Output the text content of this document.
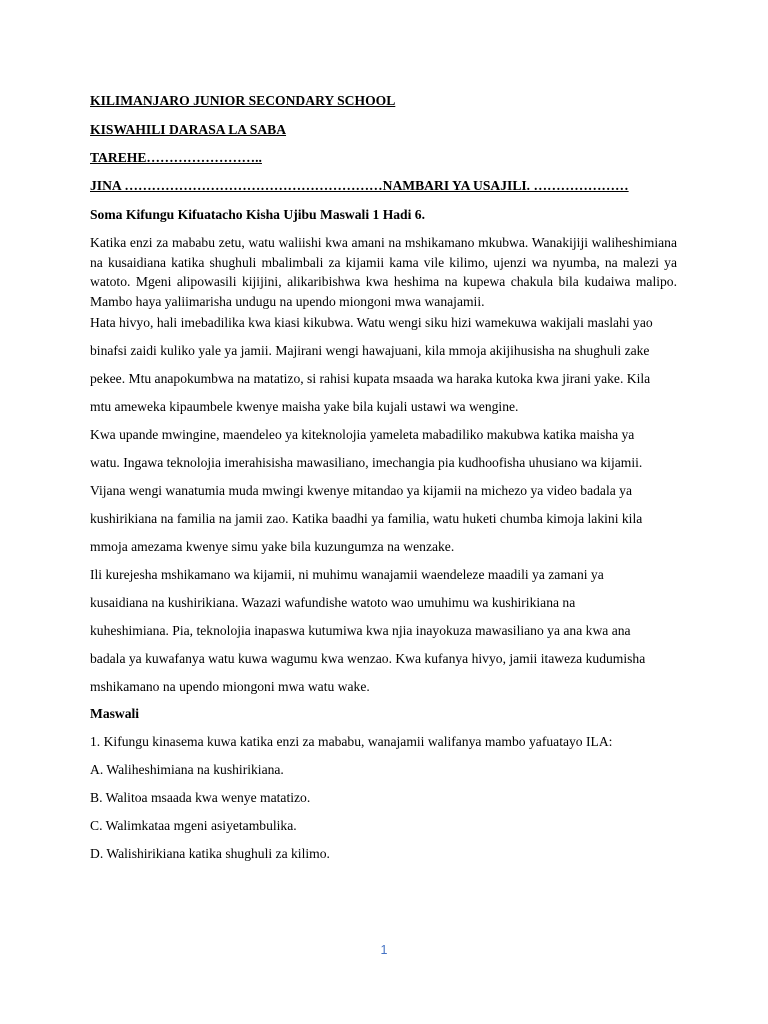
KILIMANJARO JUNIOR SECONDARY SCHOOL
KISWAHILI DARASA LA SABA
TAREHE……………………..
JINA …………………………………………………NAMBARI YA USAJILI. …………………
Soma Kifungu Kifuatacho Kisha Ujibu Maswali 1 Hadi 6.
Katika enzi za mababu zetu, watu waliishi kwa amani na mshikamano mkubwa. Wanakijiji waliheshimiana
na kusaidiana katika shughuli mbalimbali za kijamii kama vile kilimo, ujenzi wa nyumba, na malezi ya
watoto. Mgeni alipowasili kijijini, alikaribishwa kwa heshima na kupewa chakula bila kudaiwa malipo.
Mambo haya yaliimarisha undugu na upendo miongoni mwa wanajamii.
Hata hivyo, hali imebadilika kwa kiasi kikubwa. Watu wengi siku hizi wamekuwa wakijali maslahi yao
binafsi zaidi kuliko yale ya jamii. Majirani wengi hawajuani, kila mmoja akijihusisha na shughuli zake
pekee. Mtu anapokumbwa na matatizo, si rahisi kupata msaada wa haraka kutoka kwa jirani yake. Kila
mtu ameweka kipaumbele kwenye maisha yake bila kujali ustawi wa wengine.
Kwa upande mwingine, maendeleo ya kiteknolojia yameleta mabadiliko makubwa katika maisha ya
watu. Ingawa teknolojia imerahisisha mawasiliano, imechangia pia kudhoofisha uhusiano wa kijamii.
Vijana wengi wanatumia muda mwingi kwenye mitandao ya kijamii na michezo ya video badala ya
kushirikiana na familia na jamii zao. Katika baadhi ya familia, watu huketi chumba kimoja lakini kila
mmoja amezama kwenye simu yake bila kuzungumza na wenzake.
Ili kurejesha mshikamano wa kijamii, ni muhimu wanajamii waendeleze maadili ya zamani ya
kusaidiana na kushirikiana. Wazazi wafundishe watoto wao umuhimu wa kushirikiana na
kuheshimiana. Pia, teknolojia inapaswa kutumiwa kwa njia inayokuza mawasiliano ya ana kwa ana
badala ya kuwafanya watu kuwa wagumu kwa wenzao. Kwa kufanya hivyo, jamii itaweza kudumisha
mshikamano na upendo miongoni mwa watu wake.
Maswali
1. Kifungu kinasema kuwa katika enzi za mababu, wanajamii walifanya mambo yafuatayo ILA:
A. Waliheshimiana na kushirikiana.
B. Walitoa msaada kwa wenye matatizo.
C. Walimkataa mgeni asiyetambulika.
D. Walishirikiana katika shughuli za kilimo.
1
